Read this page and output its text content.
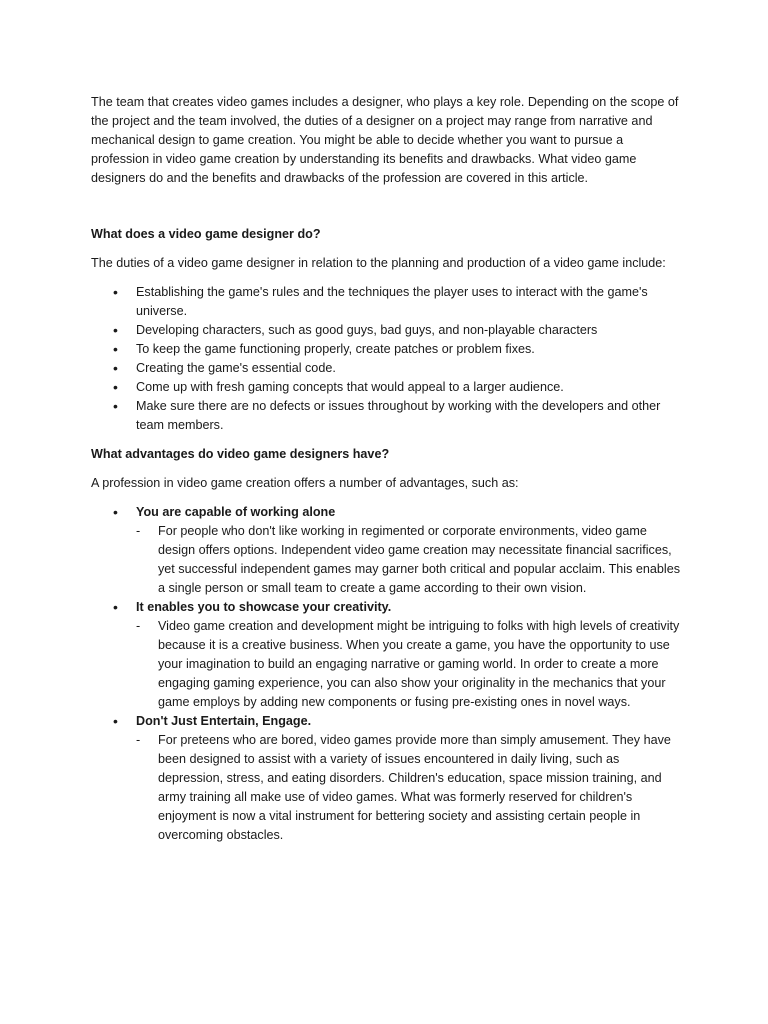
The team that creates video games includes a designer, who plays a key role. Depending on the scope of the project and the team involved, the duties of a designer on a project may range from narrative and mechanical design to game creation. You might be able to decide whether you want to pursue a profession in video game creation by understanding its benefits and drawbacks. What video game designers do and the benefits and drawbacks of the profession are covered in this article.

What does a video game designer do?

The duties of a video game designer in relation to the planning and production of a video game include:

• Establishing the game's rules and the techniques the player uses to interact with the game's universe.
• Developing characters, such as good guys, bad guys, and non-playable characters
• To keep the game functioning properly, create patches or problem fixes.
• Creating the game's essential code.
• Come up with fresh gaming concepts that would appeal to a larger audience.
• Make sure there are no defects or issues throughout by working with the developers and other team members.

What advantages do video game designers have?

A profession in video game creation offers a number of advantages, such as:

• You are capable of working alone
- For people who don't like working in regimented or corporate environments, video game design offers options. Independent video game creation may necessitate financial sacrifices, yet successful independent games may garner both critical and popular acclaim. This enables a single person or small team to create a game according to their own vision.
• It enables you to showcase your creativity.
- Video game creation and development might be intriguing to folks with high levels of creativity because it is a creative business. When you create a game, you have the opportunity to use your imagination to build an engaging narrative or gaming world. In order to create a more engaging gaming experience, you can also show your originality in the mechanics that your game employs by adding new components or fusing pre-existing ones in novel ways.
• Don't Just Entertain, Engage.
- For preteens who are bored, video games provide more than simply amusement. They have been designed to assist with a variety of issues encountered in daily living, such as depression, stress, and eating disorders. Children's education, space mission training, and army training all make use of video games. What was formerly reserved for children's enjoyment is now a vital instrument for bettering society and assisting certain people in overcoming obstacles.
